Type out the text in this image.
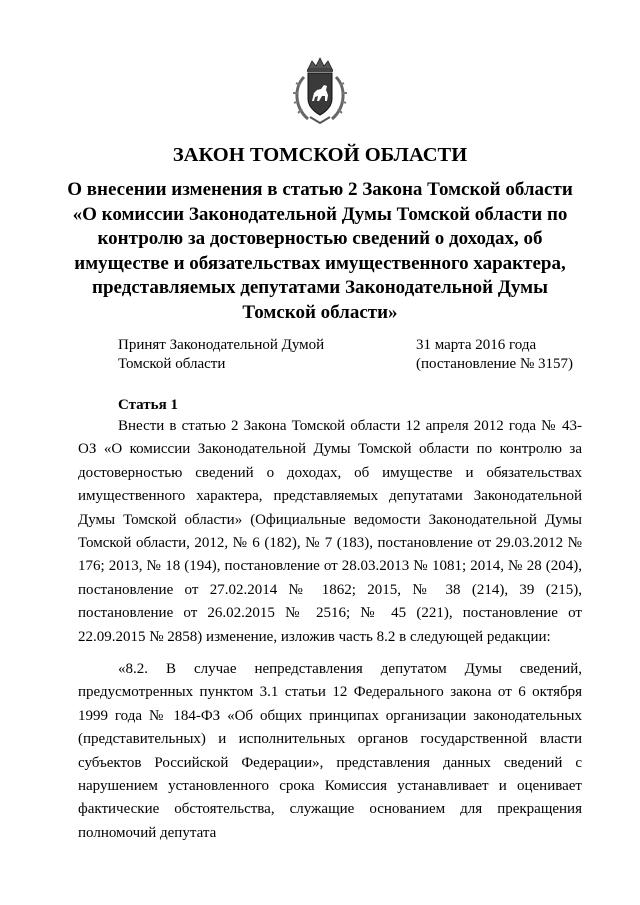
ЗАКОН ТОМСКОЙ ОБЛАСТИ
О внесении изменения в статью 2 Закона Томской области «О комиссии Законодательной Думы Томской области по контролю за достоверностью сведений о доходах, об имуществе и обязательствах имущественного характера, представляемых депутатами Законодательной Думы Томской области»
Принят Законодательной Думой
Томской области
31 марта 2016 года
(постановление № 3157)
Статья 1

Внести в статью 2 Закона Томской области 12 апреля 2012 года № 43-ОЗ «О комиссии Законодательной Думы Томской области по контролю за достоверностью сведений о доходах, об имуществе и обязательствах имущественного характера, представляемых депутатами Законодательной Думы Томской области» (Официальные ведомости Законодательной Думы Томской области, 2012, № 6 (182), № 7 (183), постановление от 29.03.2012 № 176; 2013, № 18 (194), постановление от 28.03.2013 № 1081; 2014, № 28 (204), постановление от 27.02.2014 № 1862; 2015, № 38 (214), 39 (215), постановление от 26.02.2015 № 2516; № 45 (221), постановление от 22.09.2015 № 2858) изменение, изложив часть 8.2 в следующей редакции:

«8.2. В случае непредставления депутатом Думы сведений, предусмотренных пунктом 3.1 статьи 12 Федерального закона от 6 октября 1999 года № 184-ФЗ «Об общих принципах организации законодательных (представительных) и исполнительных органов государственной власти субъектов Российской Федерации», представления данных сведений с нарушением установленного срока Комиссия устанавливает и оценивает фактические обстоятельства, служащие основанием для прекращения полномочий депутата
